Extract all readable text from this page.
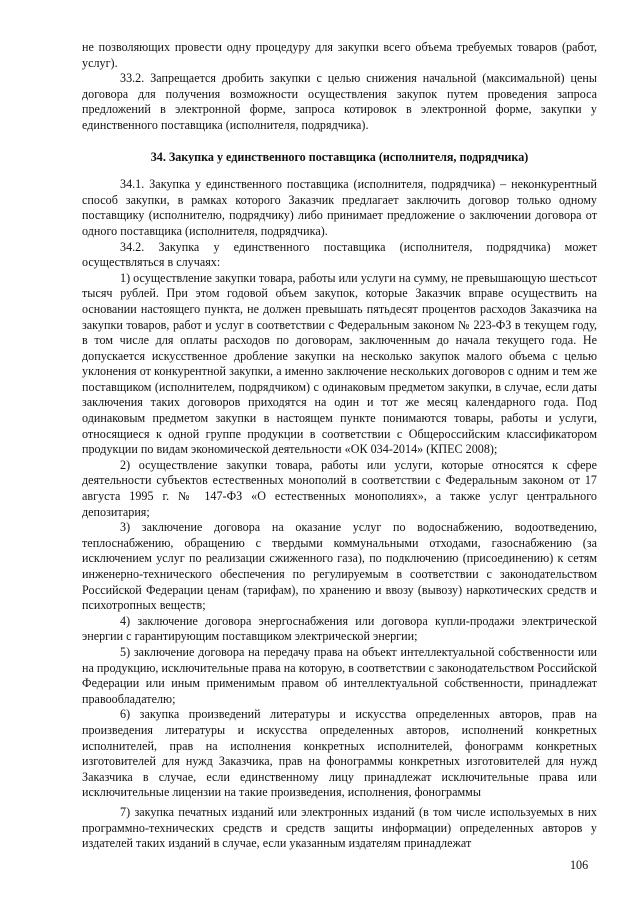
не позволяющих провести одну процедуру для закупки всего объема требуемых товаров (работ, услуг).

33.2. Запрещается дробить закупки с целью снижения начальной (максимальной) цены договора для получения возможности осуществления закупок путем проведения запроса предложений в электронной форме, запроса котировок в электронной форме, закупки у единственного поставщика (исполнителя, подрядчика).

34. Закупка у единственного поставщика (исполнителя, подрядчика)

34.1. Закупка у единственного поставщика (исполнителя, подрядчика) – неконкурентный способ закупки, в рамках которого Заказчик предлагает заключить договор только одному поставщику (исполнителю, подрядчику) либо принимает предложение о заключении договора от одного поставщика (исполнителя, подрядчика).

34.2. Закупка у единственного поставщика (исполнителя, подрядчика) может осуществляться в случаях:

1) осуществление закупки товара, работы или услуги на сумму, не превышающую шестьсот тысяч рублей. При этом годовой объем закупок, которые Заказчик вправе осуществить на основании настоящего пункта, не должен превышать пятьдесят процентов расходов Заказчика на закупки товаров, работ и услуг в соответствии с Федеральным законом № 223-ФЗ в текущем году, в том числе для оплаты расходов по договорам, заключенным до начала текущего года. Не допускается искусственное дробление закупки на несколько закупок малого объема с целью уклонения от конкурентной закупки, а именно заключение нескольких договоров с одним и тем же поставщиком (исполнителем, подрядчиком) с одинаковым предметом закупки, в случае, если даты заключения таких договоров приходятся на один и тот же месяц календарного года. Под одинаковым предметом закупки в настоящем пункте понимаются товары, работы и услуги, относящиеся к одной группе продукции в соответствии с Общероссийским классификатором продукции по видам экономической деятельности «ОК 034-2014» (КПЕС 2008);

2) осуществление закупки товара, работы или услуги, которые относятся к сфере деятельности субъектов естественных монополий в соответствии с Федеральным законом от 17 августа 1995 г. № 147-ФЗ «О естественных монополиях», а также услуг центрального депозитария;

3) заключение договора на оказание услуг по водоснабжению, водоотведению, теплоснабжению, обращению с твердыми коммунальными отходами, газоснабжению (за исключением услуг по реализации сжиженного газа), по подключению (присоединению) к сетям инженерно-технического обеспечения по регулируемым в соответствии с законодательством Российской Федерации ценам (тарифам), по хранению и ввозу (вывозу) наркотических средств и психотропных веществ;

4) заключение договора энергоснабжения или договора купли-продажи электрической энергии с гарантирующим поставщиком электрической энергии;

5) заключение договора на передачу права на объект интеллектуальной собственности или на продукцию, исключительные права на которую, в соответствии с законодательством Российской Федерации или иным применимым правом об интеллектуальной собственности, принадлежат правообладателю;

6) закупка произведений литературы и искусства определенных авторов, прав на произведения литературы и искусства определенных авторов, исполнений конкретных исполнителей, прав на исполнения конкретных исполнителей, фонограмм конкретных изготовителей для нужд Заказчика, прав на фонограммы конкретных изготовителей для нужд Заказчика в случае, если единственному лицу принадлежат исключительные права или исключительные лицензии на такие произведения, исполнения, фонограммы

7) закупка печатных изданий или электронных изданий (в том числе используемых в них программно-технических средств и средств защиты информации) определенных авторов у издателей таких изданий в случае, если указанным издателям принадлежат

106
